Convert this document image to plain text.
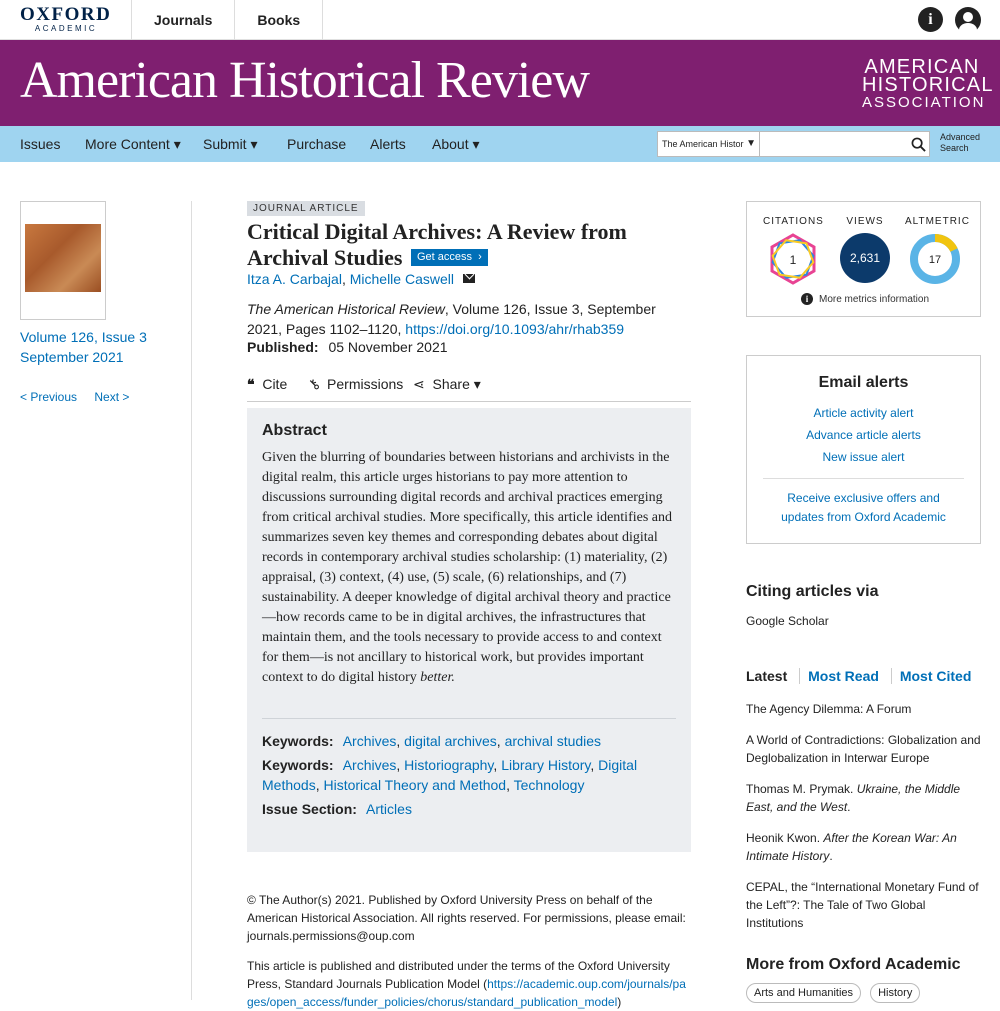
OXFORD
ACADEMIC
Journals	Books	i
American Historical Review	AMERICAN
HISTORICAL
ASSOCIATION
Issues More Content ▾ Submit ▾ Purchase Alerts About ▾	The American Histor ▼
Advanced Search
Volume 126, Issue 3
September 2021
< Previous Next >
JOURNAL ARTICLE
Critical Digital Archives: A Review from Archival Studies	Get access  ›
Itza A. Carbajal, Michelle Caswell
The American Historical Review, Volume 126, Issue 3, September 2021, Pages 1102–1120, https://doi.org/10.1093/ahr/rhab359
Published: 05 November 2021
❝ Cite ⚷ Permissions ⋖ Share ▾
Abstract
Given the blurring of boundaries between historians and archivists in the digital realm, this article urges historians to pay more attention to discussions surrounding digital records and archival practices emerging from critical archival studies. More specifically, this article identifies and summarizes seven key themes and corresponding debates about digital records in contemporary archival studies scholarship: (1) materiality, (2) appraisal, (3) context, (4) use, (5) scale, (6) relationships, and (7) sustainability. A deeper knowledge of digital archival theory and practice—how records came to be in digital archives, the infrastructures that maintain them, and the tools necessary to provide access to and context for them—is not ancillary to historical work, but provides important context to do digital history better.
Keywords: Archives, digital archives, archival studies
Keywords: Archives, Historiography, Library History, Digital Methods, Historical Theory and Method, Technology
Issue Section: Articles
© The Author(s) 2021. Published by Oxford University Press on behalf of the American Historical Association. All rights reserved. For permissions, please email: journals.permissions@oup.com
This article is published and distributed under the terms of the Oxford University Press, Standard Journals Publication Model (https://academic.oup.com/journals/pages/open_access/funder_policies/chorus/standard_publication_model)
CITATIONS	VIEWS	ALTMETRIC
1	2,631	17
i More metrics information
Email alerts
Article activity alert
Advance article alerts
New issue alert
Receive exclusive offers and updates from Oxford Academic
Citing articles via
Google Scholar
Latest Most Read Most Cited
The Agency Dilemma: A Forum
A World of Contradictions: Globalization and Deglobalization in Interwar Europe
Thomas M. Prymak. Ukraine, the Middle East, and the West.
Heonik Kwon. After the Korean War: An Intimate History.
CEPAL, the “International Monetary Fund of the Left”?: The Tale of Two Global Institutions
More from Oxford Academic
Arts and Humanities History
